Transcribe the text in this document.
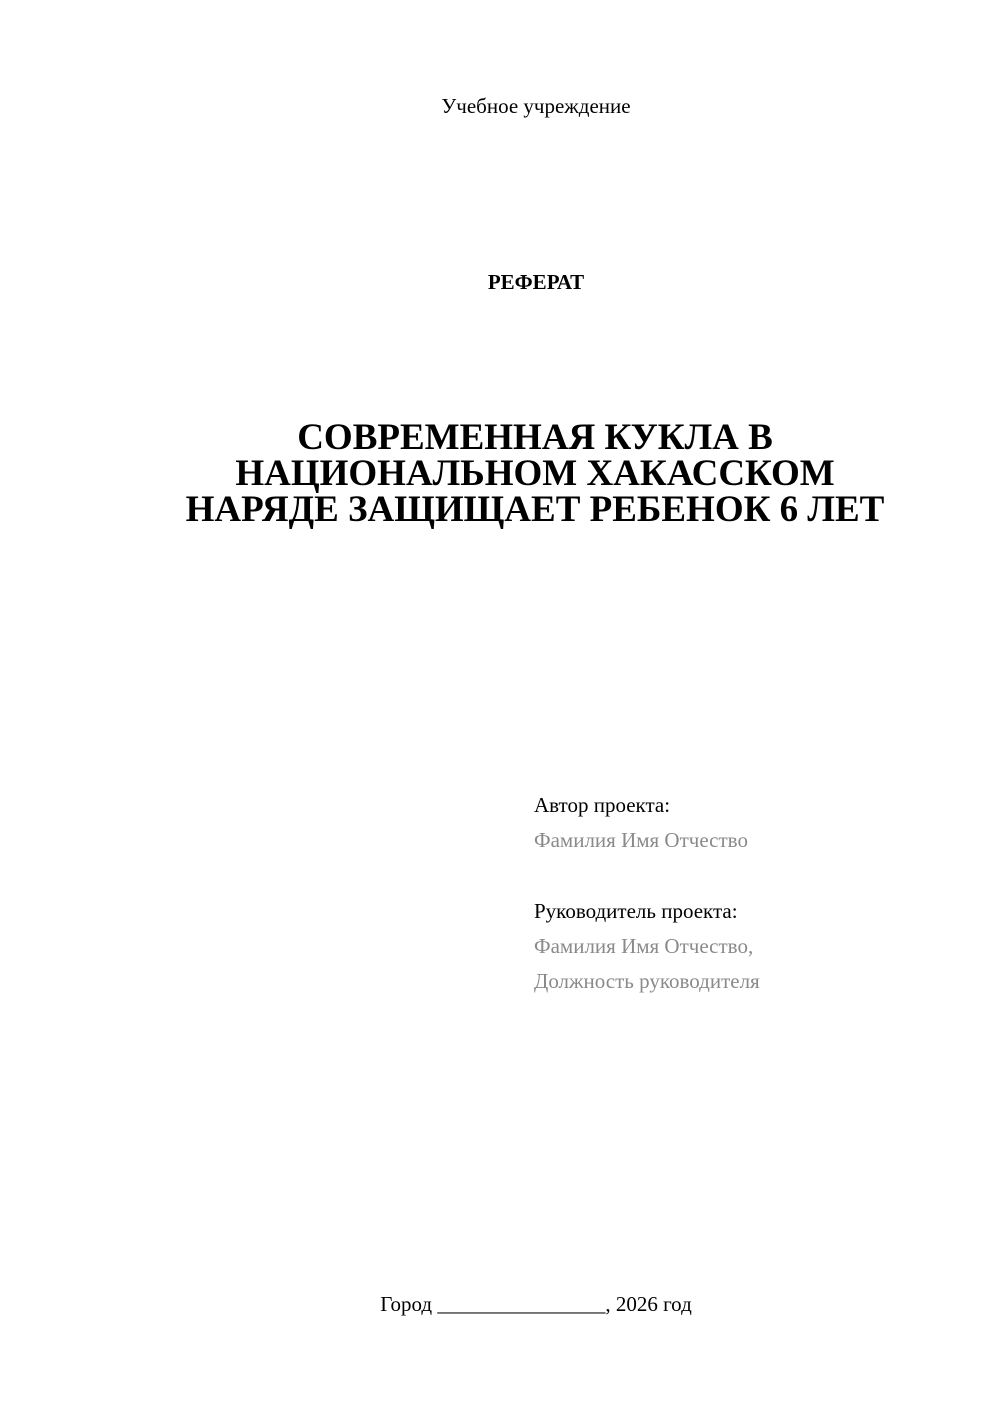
Учебное учреждение
РЕФЕРАТ
СОВРЕМЕННАЯ КУКЛА В
НАЦИОНАЛЬНОМ ХАКАССКОМ
НАРЯДЕ ЗАЩИЩАЕТ РЕБЕНОК 6 ЛЕТ
Автор проекта:
Фамилия Имя Отчество
Руководитель проекта:
Фамилия Имя Отчество,
Должность руководителя
Город ________________, 2026 год
